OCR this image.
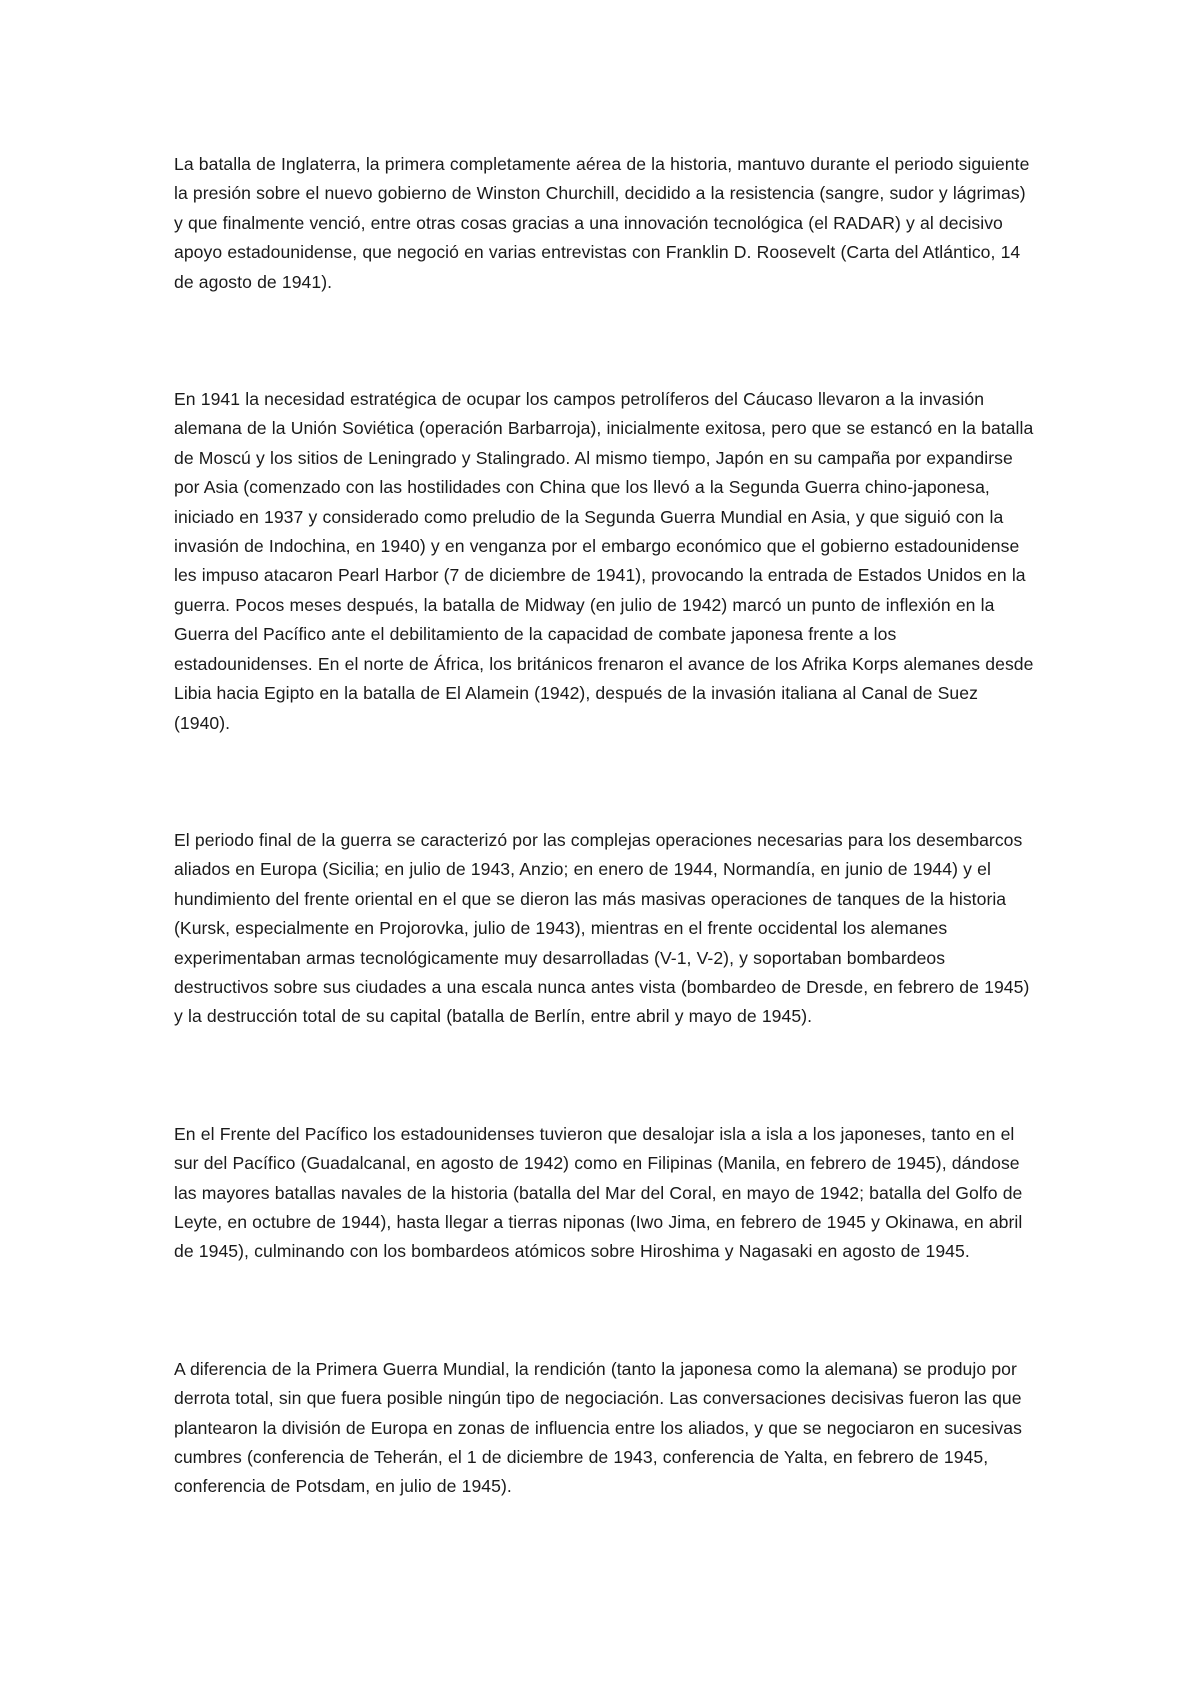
La batalla de Inglaterra, la primera completamente aérea de la historia, mantuvo durante el periodo siguiente la presión sobre el nuevo gobierno de Winston Churchill, decidido a la resistencia (sangre, sudor y lágrimas) y que finalmente venció, entre otras cosas gracias a una innovación tecnológica (el RADAR) y al decisivo apoyo estadounidense, que negoció en varias entrevistas con Franklin D. Roosevelt (Carta del Atlántico, 14 de agosto de 1941).

En 1941 la necesidad estratégica de ocupar los campos petrolíferos del Cáucaso llevaron a la invasión alemana de la Unión Soviética (operación Barbarroja), inicialmente exitosa, pero que se estancó en la batalla de Moscú y los sitios de Leningrado y Stalingrado. Al mismo tiempo, Japón en su campaña por expandirse por Asia (comenzado con las hostilidades con China que los llevó a la Segunda Guerra chino-japonesa, iniciado en 1937 y considerado como preludio de la Segunda Guerra Mundial en Asia, y que siguió con la invasión de Indochina, en 1940) y en venganza por el embargo económico que el gobierno estadounidense les impuso atacaron Pearl Harbor (7 de diciembre de 1941), provocando la entrada de Estados Unidos en la guerra. Pocos meses después, la batalla de Midway (en julio de 1942) marcó un punto de inflexión en la Guerra del Pacífico ante el debilitamiento de la capacidad de combate japonesa frente a los estadounidenses. En el norte de África, los británicos frenaron el avance de los Afrika Korps alemanes desde Libia hacia Egipto en la batalla de El Alamein (1942), después de la invasión italiana al Canal de Suez (1940).

El periodo final de la guerra se caracterizó por las complejas operaciones necesarias para los desembarcos aliados en Europa (Sicilia; en julio de 1943, Anzio; en enero de 1944, Normandía, en junio de 1944) y el hundimiento del frente oriental en el que se dieron las más masivas operaciones de tanques de la historia (Kursk, especialmente en Projorovka, julio de 1943), mientras en el frente occidental los alemanes experimentaban armas tecnológicamente muy desarrolladas (V-1, V-2), y soportaban bombardeos destructivos sobre sus ciudades a una escala nunca antes vista (bombardeo de Dresde, en febrero de 1945) y la destrucción total de su capital (batalla de Berlín, entre abril y mayo de 1945).

En el Frente del Pacífico los estadounidenses tuvieron que desalojar isla a isla a los japoneses, tanto en el sur del Pacífico (Guadalcanal, en agosto de 1942) como en Filipinas (Manila, en febrero de 1945), dándose las mayores batallas navales de la historia (batalla del Mar del Coral, en mayo de 1942; batalla del Golfo de Leyte, en octubre de 1944), hasta llegar a tierras niponas (Iwo Jima, en febrero de 1945 y Okinawa, en abril de 1945), culminando con los bombardeos atómicos sobre Hiroshima y Nagasaki en agosto de 1945.

A diferencia de la Primera Guerra Mundial, la rendición (tanto la japonesa como la alemana) se produjo por derrota total, sin que fuera posible ningún tipo de negociación. Las conversaciones decisivas fueron las que plantearon la división de Europa en zonas de influencia entre los aliados, y que se negociaron en sucesivas cumbres (conferencia de Teherán, el 1 de diciembre de 1943, conferencia de Yalta, en febrero de 1945, conferencia de Potsdam, en julio de 1945).
